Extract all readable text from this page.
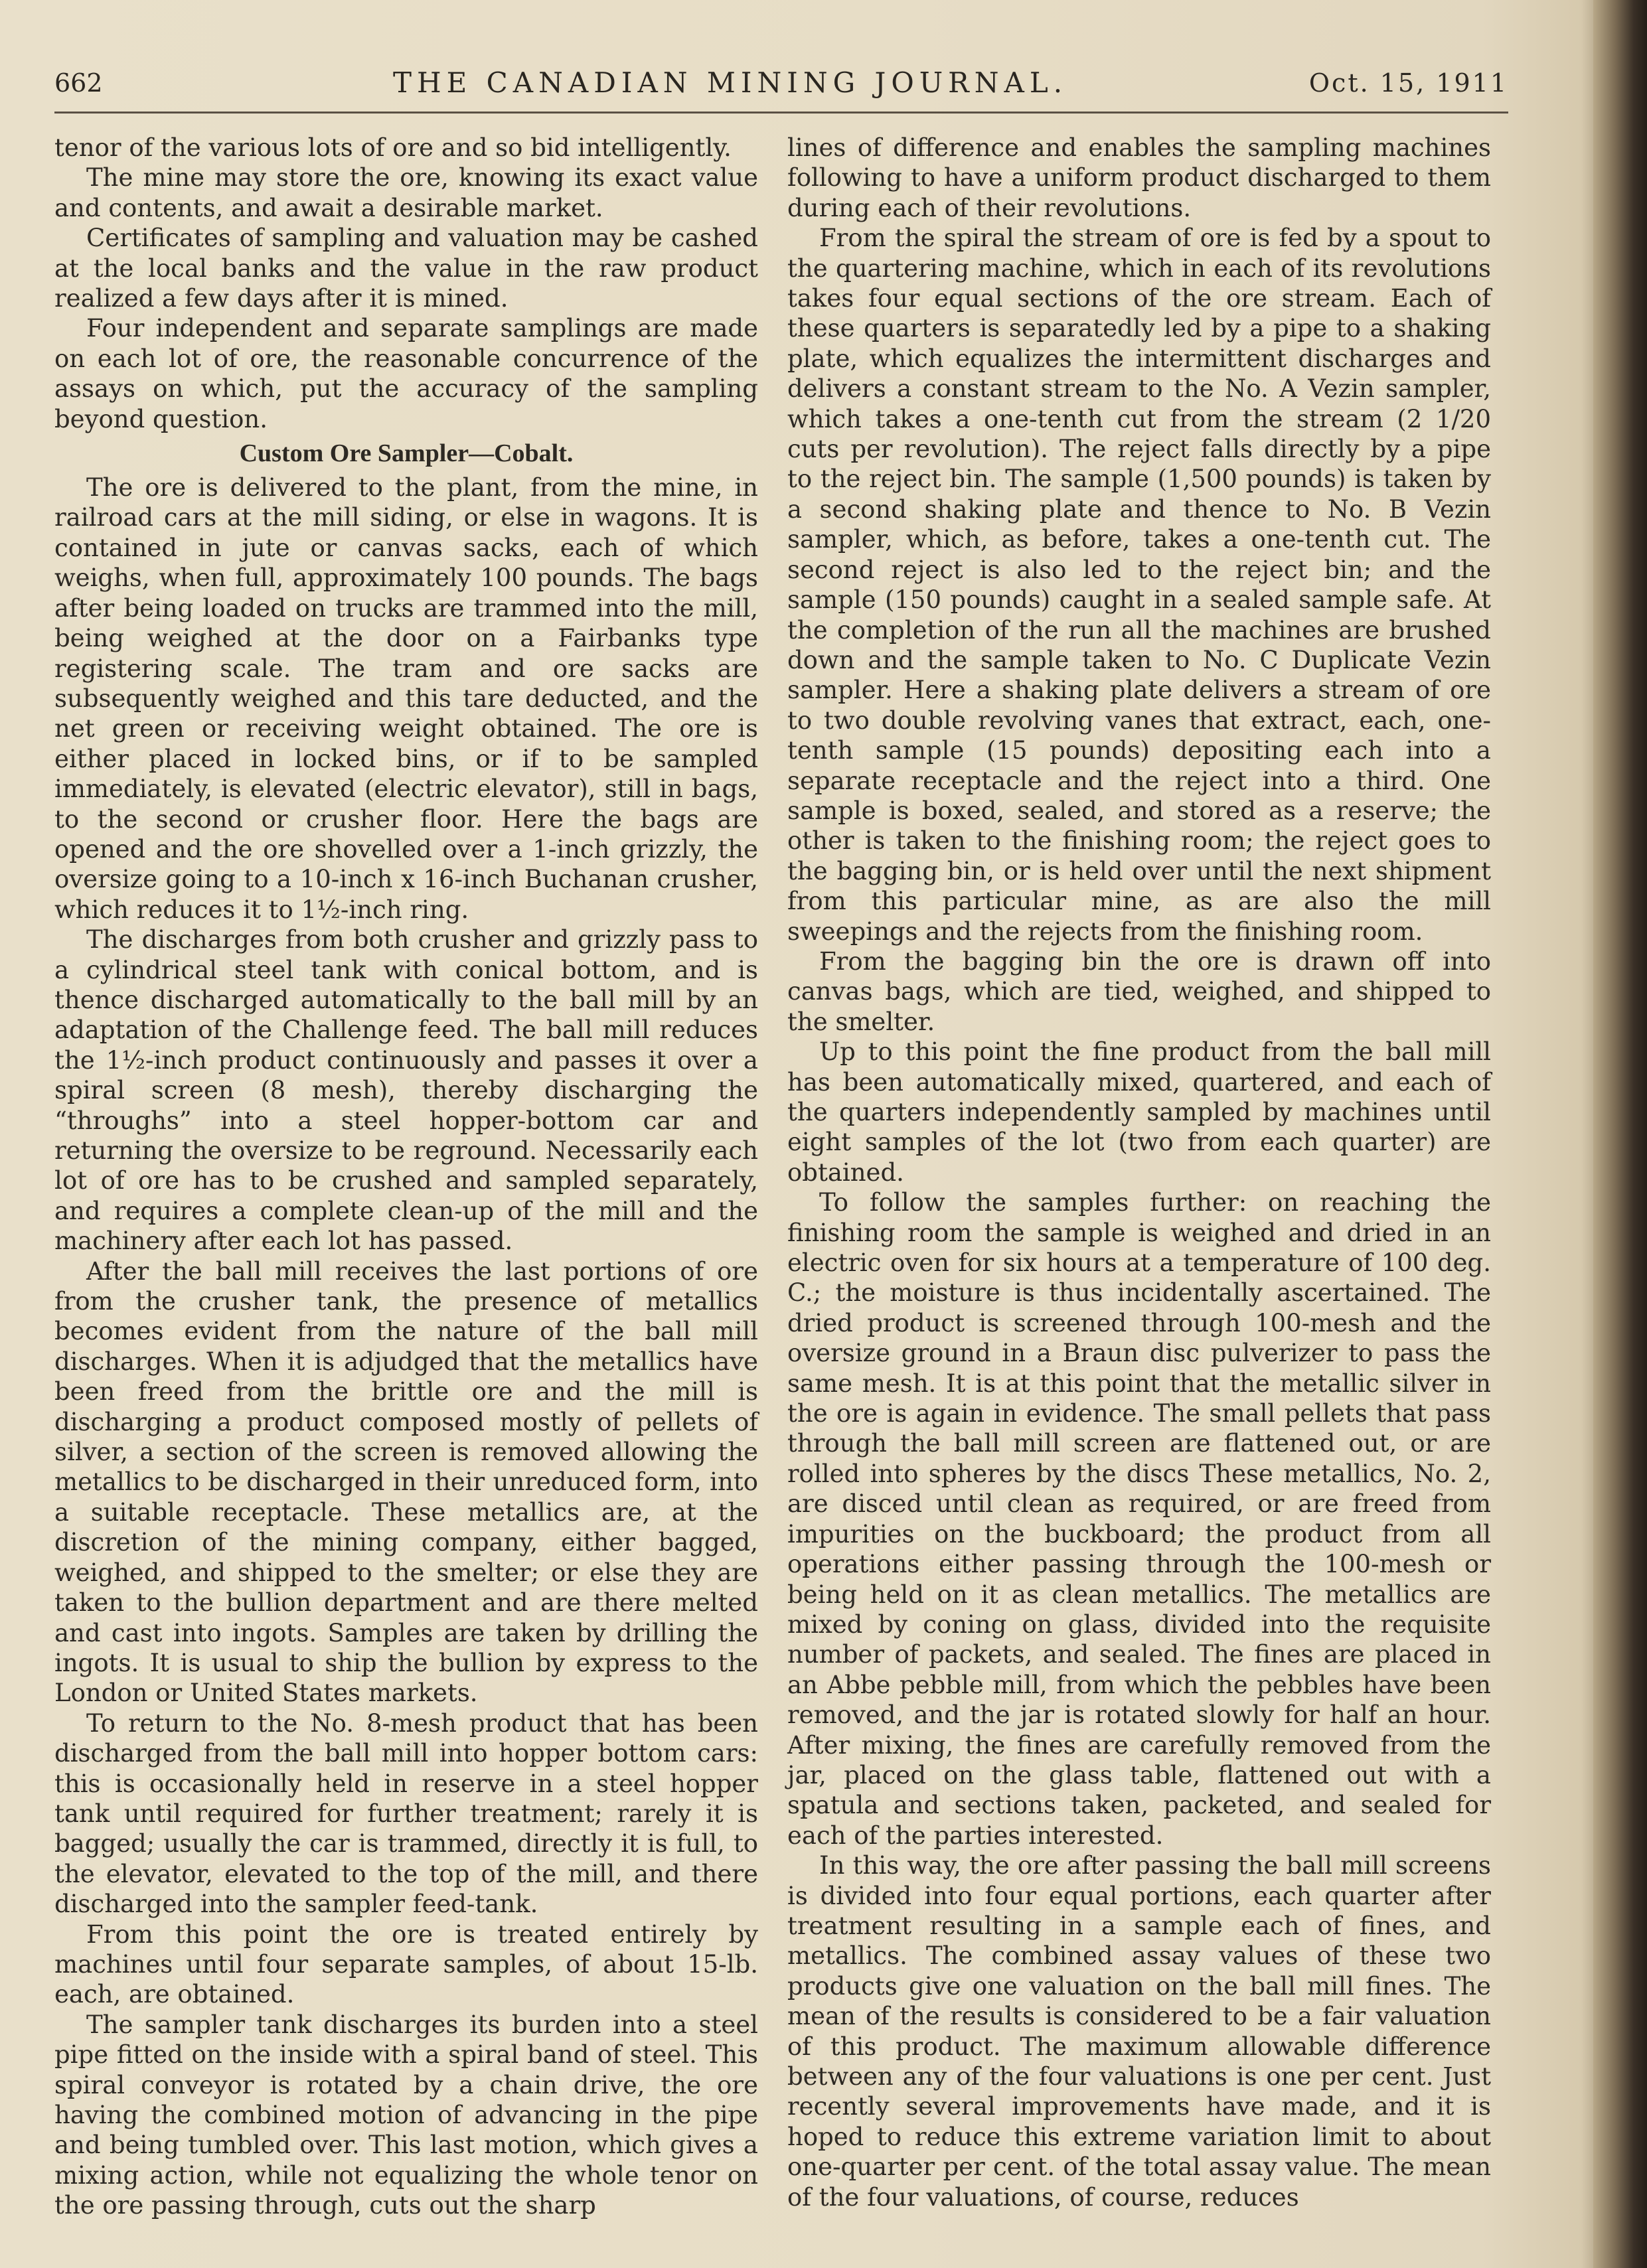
662	THE CANADIAN MINING JOURNAL.	Oct. 15, 1911

tenor of the various lots of ore and so bid intelligently.

The mine may store the ore, knowing its exact value and contents, and await a desirable market.

Certificates of sampling and valuation may be cashed at the local banks and the value in the raw product realized a few days after it is mined.

Four independent and separate samplings are made on each lot of ore, the reasonable concurrence of the assays on which, put the accuracy of the sampling beyond question.

Custom Ore Sampler—Cobalt.

The ore is delivered to the plant, from the mine, in railroad cars at the mill siding, or else in wagons. It is contained in jute or canvas sacks, each of which weighs, when full, approximately 100 pounds. The bags after being loaded on trucks are trammed into the mill, being weighed at the door on a Fairbanks type registering scale. The tram and ore sacks are subsequently weighed and this tare deducted, and the net green or receiving weight obtained. The ore is either placed in locked bins, or if to be sampled immediately, is elevated (electric elevator), still in bags, to the second or crusher floor. Here the bags are opened and the ore shovelled over a 1-inch grizzly, the oversize going to a 10-inch x 16-inch Buchanan crusher, which reduces it to 1½-inch ring.

The discharges from both crusher and grizzly pass to a cylindrical steel tank with conical bottom, and is thence discharged automatically to the ball mill by an adaptation of the Challenge feed. The ball mill reduces the 1½-inch product continuously and passes it over a spiral screen (8 mesh), thereby discharging the “throughs” into a steel hopper-bottom car and returning the oversize to be reground. Necessarily each lot of ore has to be crushed and sampled separately, and requires a complete clean-up of the mill and the machinery after each lot has passed.

After the ball mill receives the last portions of ore from the crusher tank, the presence of metallics becomes evident from the nature of the ball mill discharges. When it is adjudged that the metallics have been freed from the brittle ore and the mill is discharging a product composed mostly of pellets of silver, a section of the screen is removed allowing the metallics to be discharged in their unreduced form, into a suitable receptacle. These metallics are, at the discretion of the mining company, either bagged, weighed, and shipped to the smelter; or else they are taken to the bullion department and are there melted and cast into ingots. Samples are taken by drilling the ingots. It is usual to ship the bullion by express to the London or United States markets.

To return to the No. 8-mesh product that has been discharged from the ball mill into hopper bottom cars: this is occasionally held in reserve in a steel hopper tank until required for further treatment; rarely it is bagged; usually the car is trammed, directly it is full, to the elevator, elevated to the top of the mill, and there discharged into the sampler feed-tank.

From this point the ore is treated entirely by machines until four separate samples, of about 15-lb. each, are obtained.

The sampler tank discharges its burden into a steel pipe fitted on the inside with a spiral band of steel. This spiral conveyor is rotated by a chain drive, the ore having the combined motion of advancing in the pipe and being tumbled over. This last motion, which gives a mixing action, while not equalizing the whole tenor on the ore passing through, cuts out the sharp

lines of difference and enables the sampling machines following to have a uniform product discharged to them during each of their revolutions.

From the spiral the stream of ore is fed by a spout to the quartering machine, which in each of its revolutions takes four equal sections of the ore stream. Each of these quarters is separatedly led by a pipe to a shaking plate, which equalizes the intermittent discharges and delivers a constant stream to the No. A Vezin sampler, which takes a one-tenth cut from the stream (2 1/20 cuts per revolution). The reject falls directly by a pipe to the reject bin. The sample (1,500 pounds) is taken by a second shaking plate and thence to No. B Vezin sampler, which, as before, takes a one-tenth cut. The second reject is also led to the reject bin; and the sample (150 pounds) caught in a sealed sample safe. At the completion of the run all the machines are brushed down and the sample taken to No. C Duplicate Vezin sampler. Here a shaking plate delivers a stream of ore to two double revolving vanes that extract, each, one-tenth sample (15 pounds) depositing each into a separate receptacle and the reject into a third. One sample is boxed, sealed, and stored as a reserve; the other is taken to the finishing room; the reject goes to the bagging bin, or is held over until the next shipment from this particular mine, as are also the mill sweepings and the rejects from the finishing room.

From the bagging bin the ore is drawn off into canvas bags, which are tied, weighed, and shipped to the smelter.

Up to this point the fine product from the ball mill has been automatically mixed, quartered, and each of the quarters independently sampled by machines until eight samples of the lot (two from each quarter) are obtained.

To follow the samples further: on reaching the finishing room the sample is weighed and dried in an electric oven for six hours at a temperature of 100 deg. C.; the moisture is thus incidentally ascertained. The dried product is screened through 100-mesh and the oversize ground in a Braun disc pulverizer to pass the same mesh. It is at this point that the metallic silver in the ore is again in evidence. The small pellets that pass through the ball mill screen are flattened out, or are rolled into spheres by the discs These metallics, No. 2, are disced until clean as required, or are freed from impurities on the buckboard; the product from all operations either passing through the 100-mesh or being held on it as clean metallics. The metallics are mixed by coning on glass, divided into the requisite number of packets, and sealed. The fines are placed in an Abbe pebble mill, from which the pebbles have been removed, and the jar is rotated slowly for half an hour. After mixing, the fines are carefully removed from the jar, placed on the glass table, flattened out with a spatula and sections taken, packeted, and sealed for each of the parties interested.

In this way, the ore after passing the ball mill screens is divided into four equal portions, each quarter after treatment resulting in a sample each of fines, and metallics. The combined assay values of these two products give one valuation on the ball mill fines. The mean of the results is considered to be a fair valuation of this product. The maximum allowable difference between any of the four valuations is one per cent. Just recently several improvements have made, and it is hoped to reduce this extreme variation limit to about one-quarter per cent. of the total assay value. The mean of the four valuations, of course, reduces
